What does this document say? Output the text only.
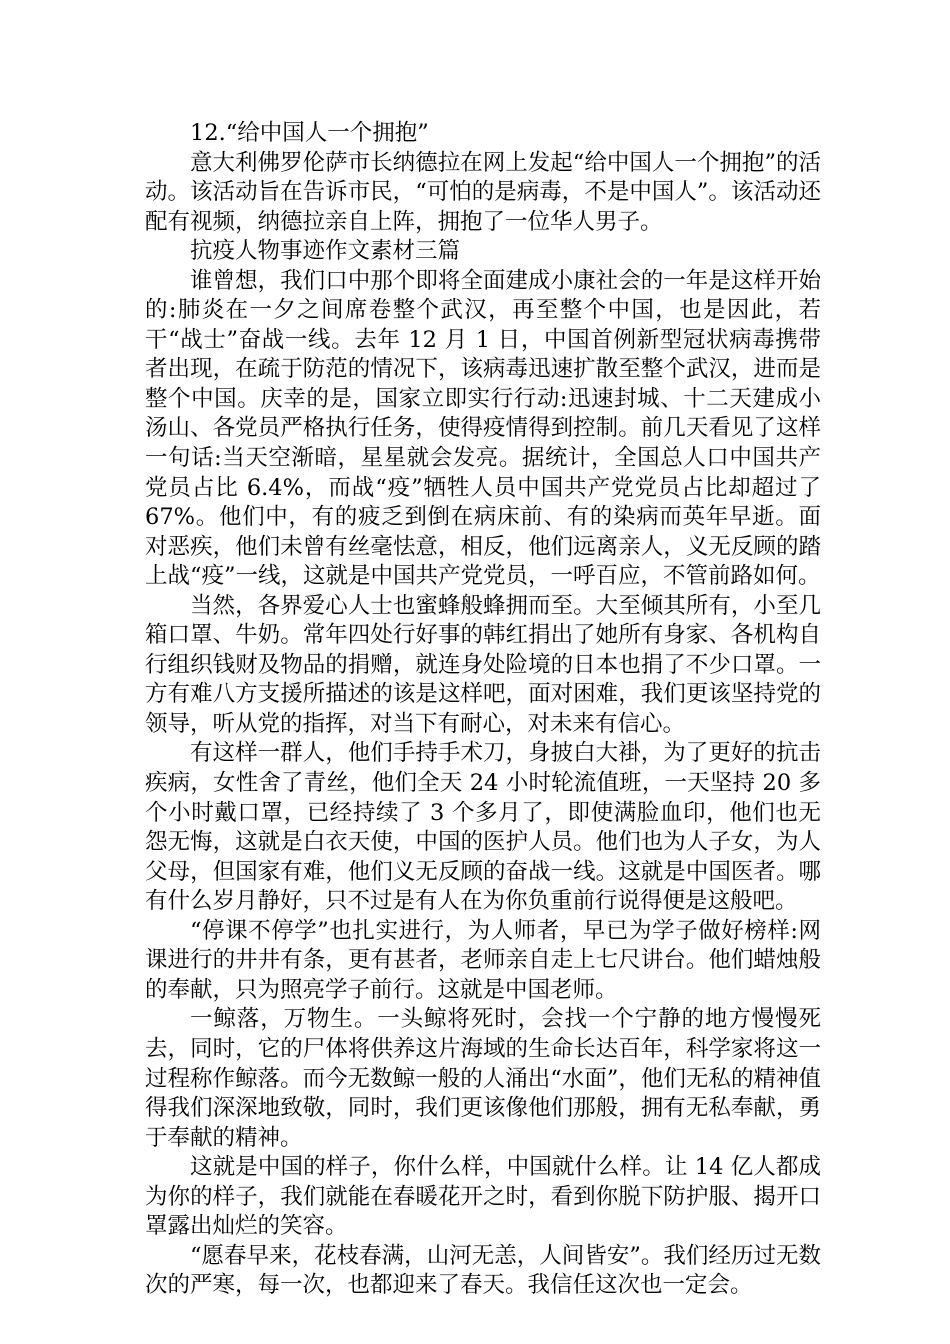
12.“给中国人一个拥抱”

意大利佛罗伦萨市长纳德拉在网上发起“给中国人一个拥抱”的活动。该活动旨在告诉市民，“可怕的是病毒，不是中国人”。该活动还配有视频，纳德拉亲自上阵，拥抱了一位华人男子。

抗疫人物事迹作文素材三篇

谁曾想，我们口中那个即将全面建成小康社会的一年是这样开始的:肺炎在一夕之间席卷整个武汉，再至整个中国，也是因此，若干“战士”奋战一线。去年 12 月 1 日，中国首例新型冠状病毒携带者出现，在疏于防范的情况下，该病毒迅速扩散至整个武汉，进而是整个中国。庆幸的是，国家立即实行行动:迅速封城、十二天建成小汤山、各党员严格执行任务，使得疫情得到控制。前几天看见了这样一句话:当天空渐暗，星星就会发亮。据统计，全国总人口中国共产党员占比 6.4%，而战“疫”牺牲人员中国共产党党员占比却超过了 67%。他们中，有的疲乏到倒在病床前、有的染病而英年早逝。面对恶疾，他们未曾有丝毫怯意，相反，他们远离亲人，义无反顾的踏上战“疫”一线，这就是中国共产党党员，一呼百应，不管前路如何。

当然，各界爱心人士也蜜蜂般蜂拥而至。大至倾其所有，小至几箱口罩、牛奶。常年四处行好事的韩红捐出了她所有身家、各机构自行组织钱财及物品的捐赠，就连身处险境的日本也捐了不少口罩。一方有难八方支援所描述的该是这样吧，面对困难，我们更该坚持党的领导，听从党的指挥，对当下有耐心，对未来有信心。

有这样一群人，他们手持手术刀，身披白大褂，为了更好的抗击疾病，女性舍了青丝，他们全天 24 小时轮流值班，一天坚持 20 多个小时戴口罩，已经持续了 3 个多月了，即使满脸血印，他们也无怨无悔，这就是白衣天使，中国的医护人员。他们也为人子女，为人父母，但国家有难，他们义无反顾的奋战一线。这就是中国医者。哪有什么岁月静好，只不过是有人在为你负重前行说得便是这般吧。

“停课不停学”也扎实进行，为人师者，早已为学子做好榜样:网课进行的井井有条，更有甚者，老师亲自走上七尺讲台。他们蜡烛般的奉献，只为照亮学子前行。这就是中国老师。

一鲸落，万物生。一头鲸将死时，会找一个宁静的地方慢慢死去，同时，它的尸体将供养这片海域的生命长达百年，科学家将这一过程称作鲸落。而今无数鲸一般的人涌出“水面”，他们无私的精神值得我们深深地致敬，同时，我们更该像他们那般，拥有无私奉献，勇于奉献的精神。

这就是中国的样子，你什么样，中国就什么样。让 14 亿人都成为你的样子，我们就能在春暖花开之时，看到你脱下防护服、揭开口罩露出灿烂的笑容。

“愿春早来，花枝春满，山河无恙，人间皆安”。我们经历过无数次的严寒，每一次，也都迎来了春天。我信任这次也一定会。
